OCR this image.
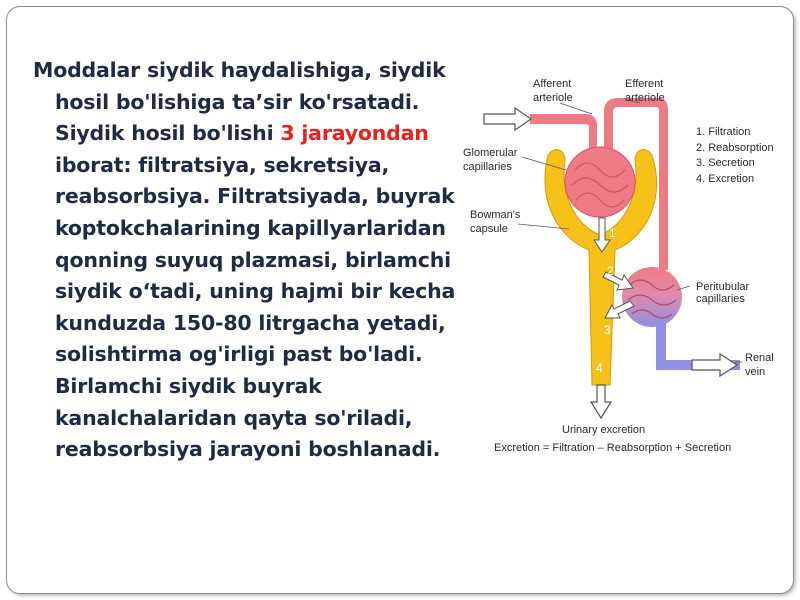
Moddalar siydik haydalishiga, siydik hosil bo'lishiga ta’sir ko'rsatadi. Siydik hosil bo'lishi 3 jarayondan iborat: filtratsiya, sekretsiya, reabsorbsiya. Filtratsiyada, buyrak koptokchalarining kapillyarlaridan qonning suyuq plazmasi, birlamchi siydik o‘tadi, uning hajmi bir kecha kunduzda 150-80 litrgacha yetadi, solishtirma og'irligi past bo'ladi. Birlamchi siydik buyrak kanalchalaridan qayta so'riladi, reabsorbsiya jarayoni boshlanadi.

1
2
3
4
Afferent
arteriole
Efferent
arteriole
Glomerular
capillaries
Bowman's
capsule
Peritubular
capillaries
Renal
vein
1. Filtration
2. Reabsorption
3. Secretion
4. Excretion
Urinary excretion
Excretion = Filtration – Reabsorption + Secretion
